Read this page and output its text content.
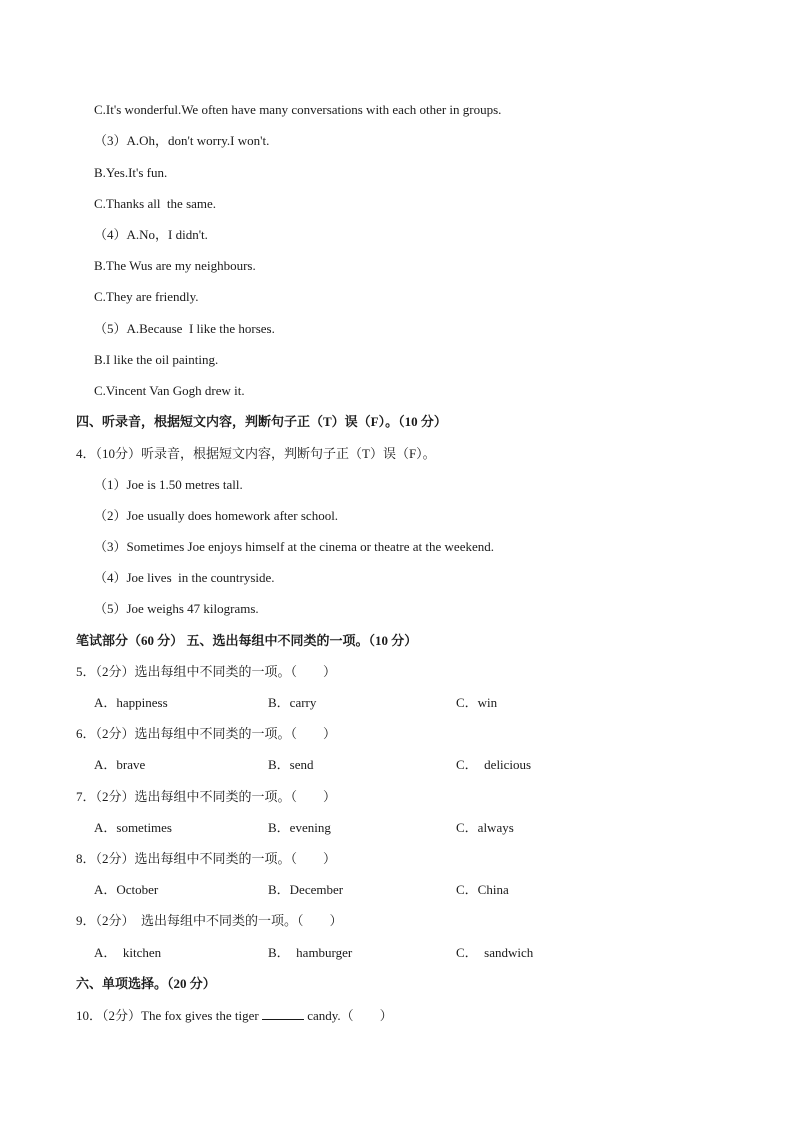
C.It's wonderful.We often have many conversations with each other in groups.
（3）A.Oh，don't worry.I won't.
B.Yes.It's fun.
C.Thanks all  the same.
（4）A.No，I didn't.
B.The Wus are my neighbours.
C.They are friendly.
（5）A.Because  I like the horses.
B.I like the oil painting.
C.Vincent Van Gogh drew it.
四、听录音，根据短文内容，判断句子正（T）误（F）。（10 分）
4．（10分）听录音，根据短文内容，判断句子正（T）误（F）。
（1）Joe is 1.50 metres tall.
（2）Joe usually does homework after school.
（3）Sometimes Joe enjoys himself at the cinema or theatre at the weekend.
（4）Joe lives  in the countryside.
（5）Joe weighs 47 kilograms.
笔试部分（60 分） 五、选出每组中不同类的一项。（10 分）
5．（2分）选出每组中不同类的一项。（　　）
A．happiness	B．carry	C．win
6．（2分）选出每组中不同类的一项。（　　）
A．brave	B．send	C．  delicious
7．（2分）选出每组中不同类的一项。（　　）
A．sometimes	B．evening	C．always
8．（2分）选出每组中不同类的一项。（　　）
A．October	B．December	C．China
9．（2分）  选出每组中不同类的一项。（　　）
A．  kitchen	B．  hamburger	C．  sandwich
六、单项选择。（20 分）
10．（2分）The fox gives the tiger	candy.（　　）
